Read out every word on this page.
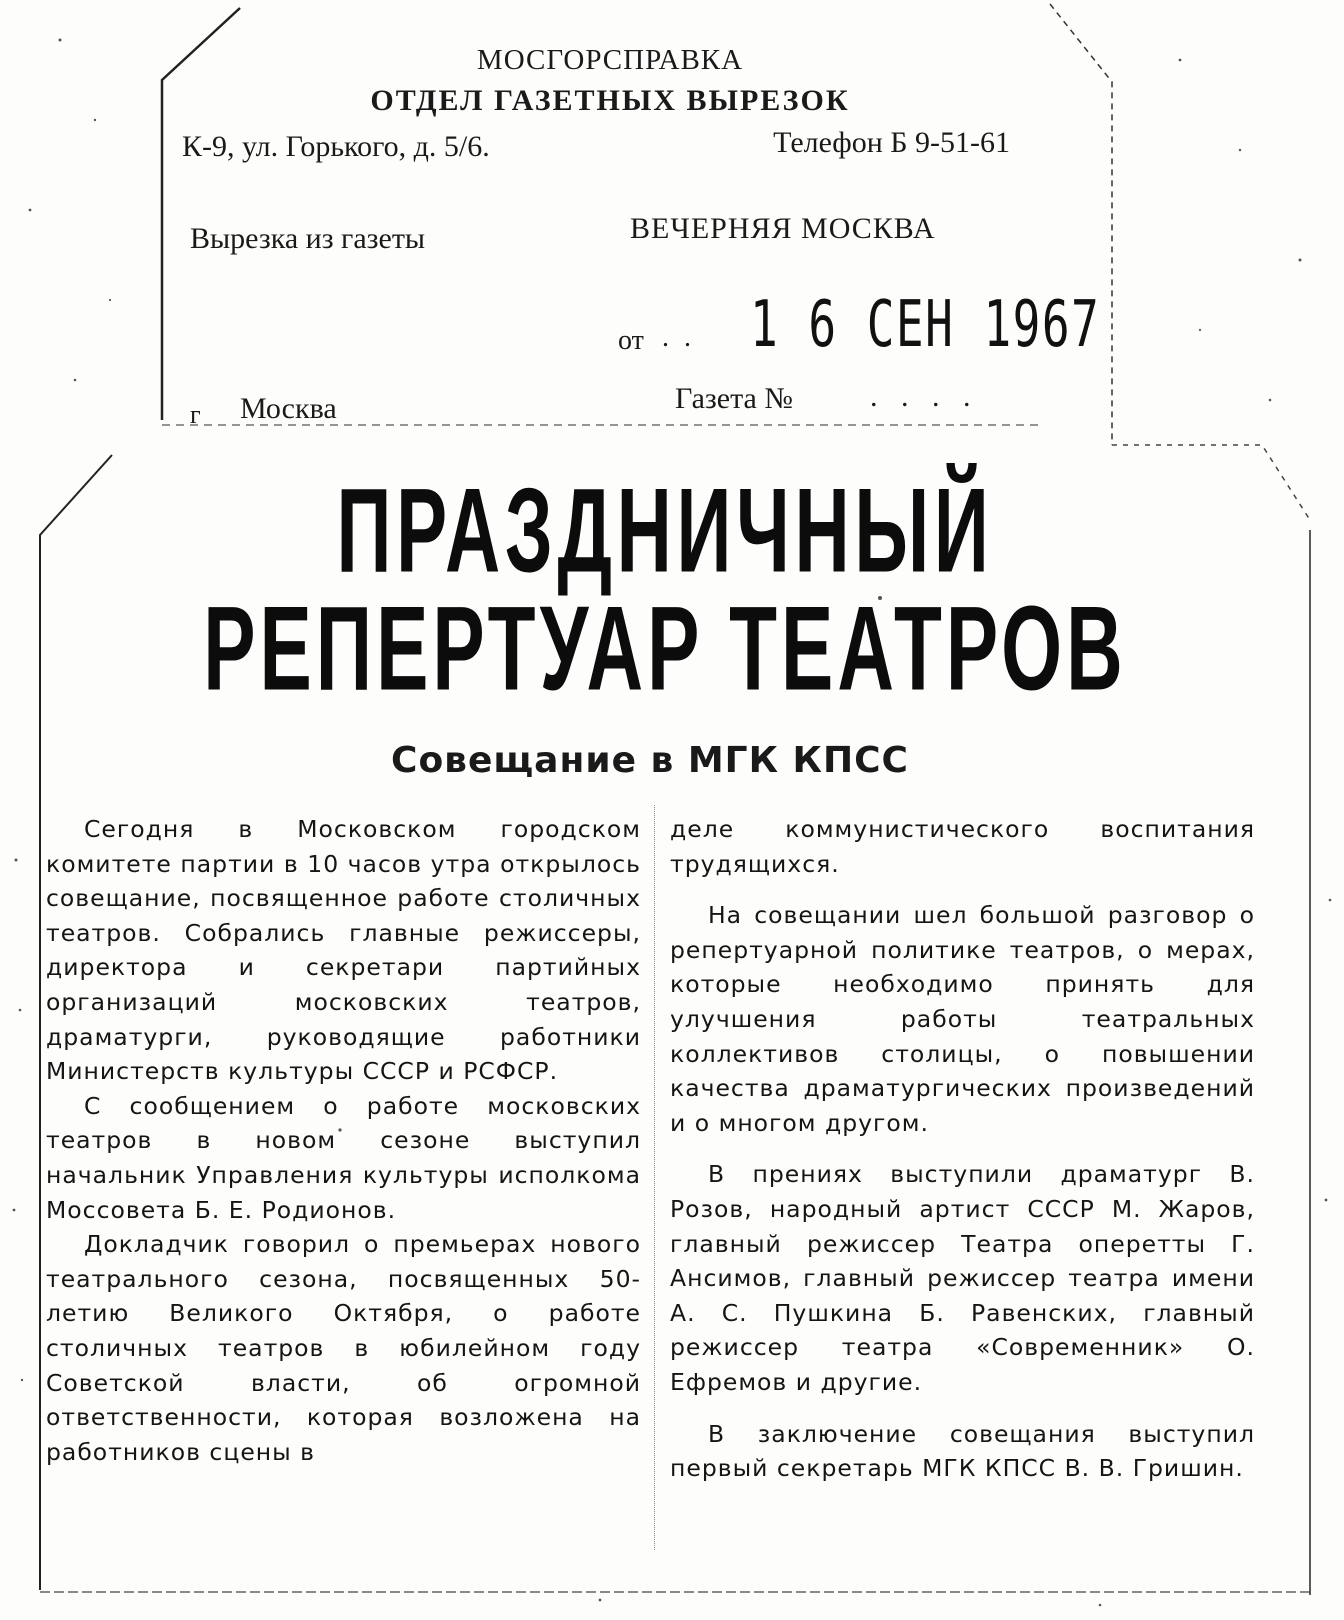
МОСГОРСПРАВКА
ОТДЕЛ ГАЗЕТНЫХ ВЫРЕЗОК
К-9, ул. Горького, д. 5/6.	Телефон Б 9-51-61
Вырезка из газеты	ВЕЧЕРНЯЯ МОСКВА
от . . 1 6 СЕН 1967
г Москва	Газета №	. . . .
ПРАЗДНИЧНЫЙ
РЕПЕРТУАР ТЕАТРОВ
Совещание в МГК КПСС

Сегодня в Московском городском комитете партии в 10 часов утра открылось совещание, посвященное работе столичных театров. Собрались главные режиссеры, директора и секретари партийных организаций московских театров, драматурги, руководящие работники Министерств культуры СССР и РСФСР.

С сообщением о работе московских театров в новом сезоне выступил начальник Управления культуры исполкома Моссовета Б. Е. Родионов.

Докладчик говорил о премьерах нового театрального сезона, посвященных 50-летию Великого Октября, о работе столичных театров в юбилейном году Советской власти, об огромной ответственности, которая возложена на работников сцены в

деле коммунистического воспитания трудящихся.

На совещании шел большой разговор о репертуарной политике театров, о мерах, которые необходимо принять для улучшения работы театральных коллективов столицы, о повышении качества драматургических произведений и о многом другом.

В прениях выступили драматург В. Розов, народный артист СССР М. Жаров, главный режиссер Театра оперетты Г. Ансимов, главный режиссер театра имени А. С. Пушкина Б. Равенских, главный режиссер театра «Современник» О. Ефремов и другие.

В заключение совещания выступил первый секретарь МГК КПСС В. В. Гришин.
